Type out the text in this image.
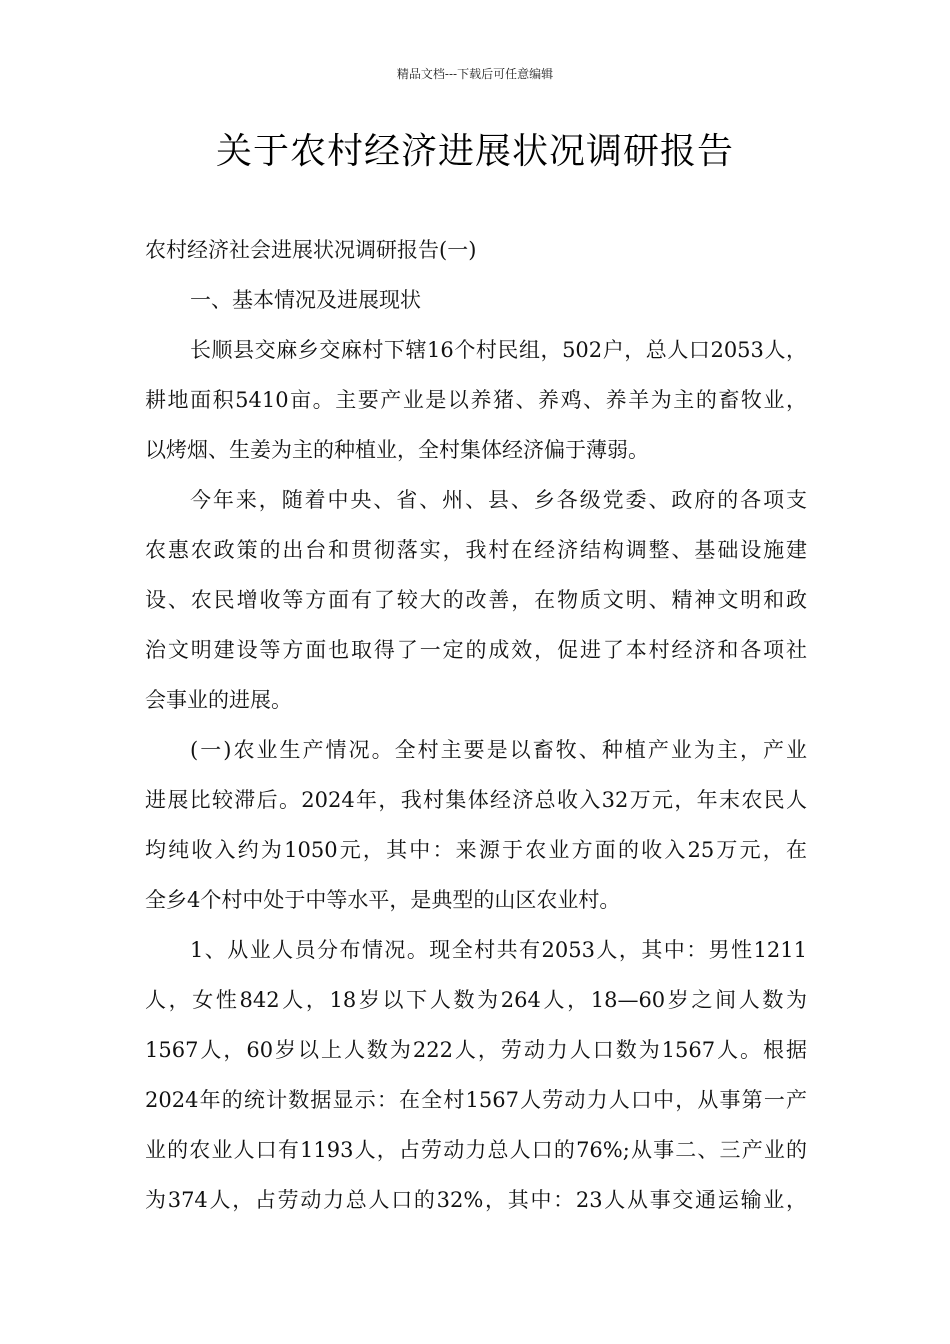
精品文档---下载后可任意编辑
关于农村经济进展状况调研报告
农村经济社会进展状况调研报告(一)
一、基本情况及进展现状
长顺县交麻乡交麻村下辖16个村民组，502户，总人口2053人，
耕地面积5410亩。主要产业是以养猪、养鸡、养羊为主的畜牧业，
以烤烟、生姜为主的种植业，全村集体经济偏于薄弱。
今年来，随着中央、省、州、县、乡各级党委、政府的各项支
农惠农政策的出台和贯彻落实，我村在经济结构调整、基础设施建
设、农民增收等方面有了较大的改善，在物质文明、精神文明和政
治文明建设等方面也取得了一定的成效，促进了本村经济和各项社
会事业的进展。
(一)农业生产情况。全村主要是以畜牧、种植产业为主，产业
进展比较滞后。2024年，我村集体经济总收入32万元，年末农民人
均纯收入约为1050元，其中：来源于农业方面的收入25万元，在
全乡4个村中处于中等水平，是典型的山区农业村。
1、从业人员分布情况。现全村共有2053人，其中：男性1211
人，女性842人，18岁以下人数为264人，18—60岁之间人数为
1567人，60岁以上人数为222人，劳动力人口数为1567人。根据
2024年的统计数据显示：在全村1567人劳动力人口中，从事第一产
业的农业人口有1193人，占劳动力总人口的76%;从事二、三产业的
为374人，占劳动力总人口的32%，其中：23人从事交通运输业，
